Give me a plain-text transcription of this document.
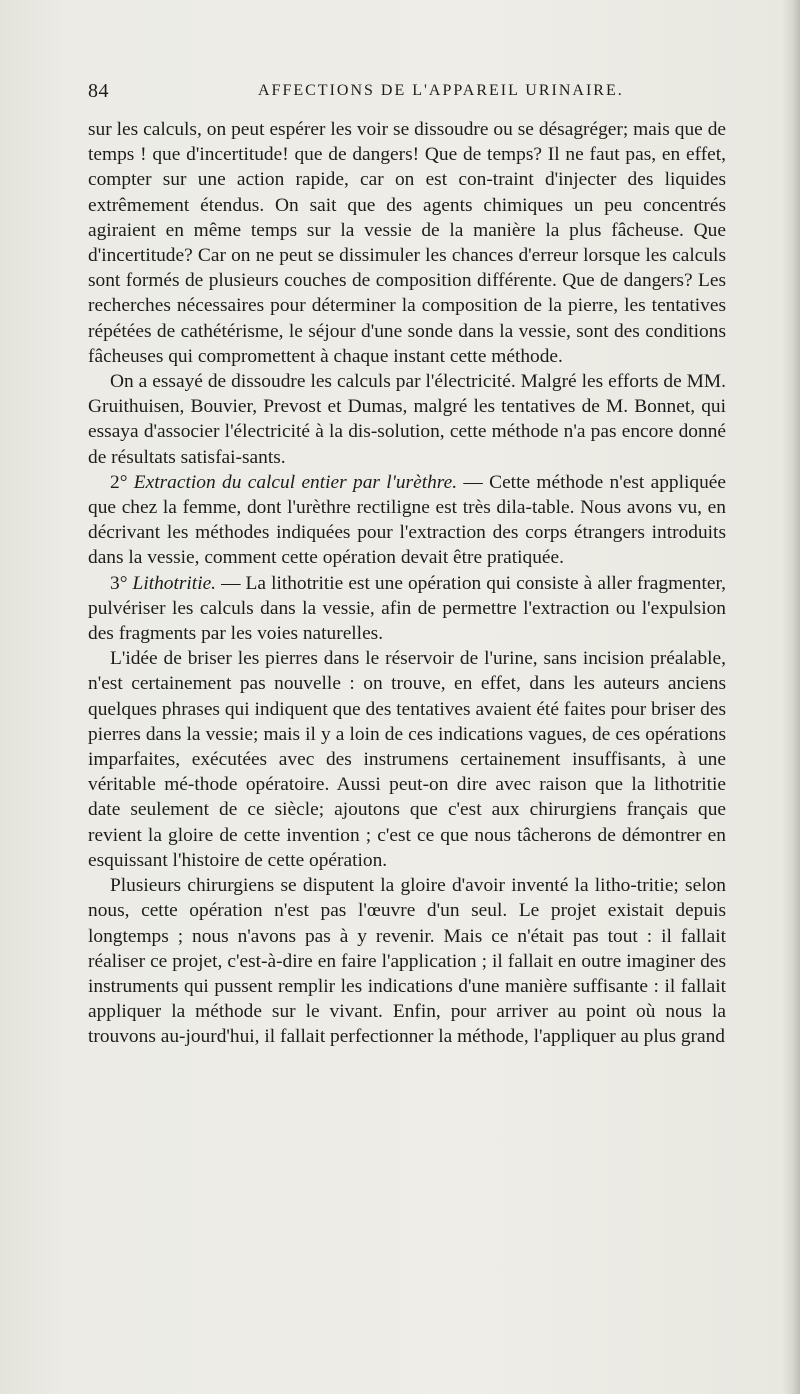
84	AFFECTIONS DE L'APPAREIL URINAIRE.

sur les calculs, on peut espérer les voir se dissoudre ou se désagréger; mais que de temps ! que d'incertitude! que de dangers! Que de temps? Il ne faut pas, en effet, compter sur une action rapide, car on est con-traint d'injecter des liquides extrêmement étendus. On sait que des agents chimiques un peu concentrés agiraient en même temps sur la vessie de la manière la plus fâcheuse. Que d'incertitude? Car on ne peut se dissimuler les chances d'erreur lorsque les calculs sont formés de plusieurs couches de composition différente. Que de dangers? Les recherches nécessaires pour déterminer la composition de la pierre, les tentatives répétées de cathétérisme, le séjour d'une sonde dans la vessie, sont des conditions fâcheuses qui compromettent à chaque instant cette méthode.

On a essayé de dissoudre les calculs par l'électricité. Malgré les efforts de MM. Gruithuisen, Bouvier, Prevost et Dumas, malgré les tentatives de M. Bonnet, qui essaya d'associer l'électricité à la dis-solution, cette méthode n'a pas encore donné de résultats satisfai-sants.

2° Extraction du calcul entier par l'urèthre. — Cette méthode n'est appliquée que chez la femme, dont l'urèthre rectiligne est très dila-table. Nous avons vu, en décrivant les méthodes indiquées pour l'extraction des corps étrangers introduits dans la vessie, comment cette opération devait être pratiquée.

3° Lithotritie. — La lithotritie est une opération qui consiste à aller fragmenter, pulvériser les calculs dans la vessie, afin de permettre l'extraction ou l'expulsion des fragments par les voies naturelles.

L'idée de briser les pierres dans le réservoir de l'urine, sans incision préalable, n'est certainement pas nouvelle : on trouve, en effet, dans les auteurs anciens quelques phrases qui indiquent que des tentatives avaient été faites pour briser des pierres dans la vessie; mais il y a loin de ces indications vagues, de ces opérations imparfaites, exécutées avec des instrumens certainement insuffisants, à une véritable mé-thode opératoire. Aussi peut-on dire avec raison que la lithotritie date seulement de ce siècle; ajoutons que c'est aux chirurgiens français que revient la gloire de cette invention ; c'est ce que nous tâcherons de démontrer en esquissant l'histoire de cette opération.

Plusieurs chirurgiens se disputent la gloire d'avoir inventé la litho-tritie; selon nous, cette opération n'est pas l'œuvre d'un seul. Le projet existait depuis longtemps ; nous n'avons pas à y revenir. Mais ce n'était pas tout : il fallait réaliser ce projet, c'est-à-dire en faire l'application ; il fallait en outre imaginer des instruments qui pussent remplir les indications d'une manière suffisante : il fallait appliquer la méthode sur le vivant. Enfin, pour arriver au point où nous la trouvons au-jourd'hui, il fallait perfectionner la méthode, l'appliquer au plus grand
